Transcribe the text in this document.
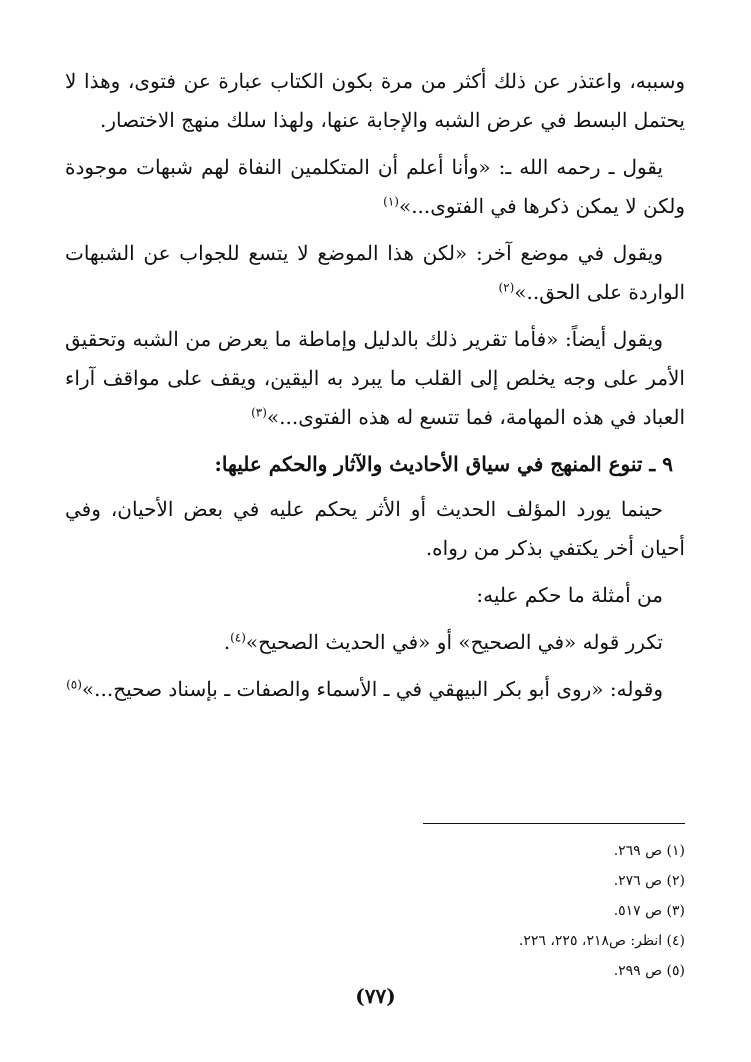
وسببه، واعتذر عن ذلك أكثر من مرة بكون الكتاب عبارة عن فتوى، وهذا لا يحتمل البسط في عرض الشبه والإجابة عنها، ولهذا سلك منهج الاختصار.

يقول ـ رحمه الله ـ: «وأنا أعلم أن المتكلمين النفاة لهم شبهات موجودة ولكن لا يمكن ذكرها في الفتوى...»$^{(١)}$

ويقول في موضع آخر: «لكن هذا الموضع لا يتسع للجواب عن الشبهات الواردة على الحق..»$^{(٢)}$

ويقول أيضاً: «فأما تقرير ذلك بالدليل وإماطة ما يعرض من الشبه وتحقيق الأمر على وجه يخلص إلى القلب ما يبرد به اليقين، ويقف على مواقف آراء العباد في هذه المهامة، فما تتسع له هذه الفتوى...»$^{(٣)}$

٩ ـ تنوع المنهج في سياق الأحاديث والآثار والحكم عليها:

حينما يورد المؤلف الحديث أو الأثر يحكم عليه في بعض الأحيان، وفي أحيان أخر يكتفي بذكر من رواه.

من أمثلة ما حكم عليه:

تكرر قوله «في الصحيح» أو «في الحديث الصحيح»$^{(٤)}$.

وقوله: «روى أبو بكر البيهقي في ـ الأسماء والصفات ـ بإسناد صحيح...»$^{(٥)}$

(١) ص ٢٦٩.
(٢) ص ٢٧٦.
(٣) ص ٥١٧.
(٤) انظر: ص٢١٨، ٢٢٥، ٢٢٦.
(٥) ص ٢٩٩.
(٧٧)
